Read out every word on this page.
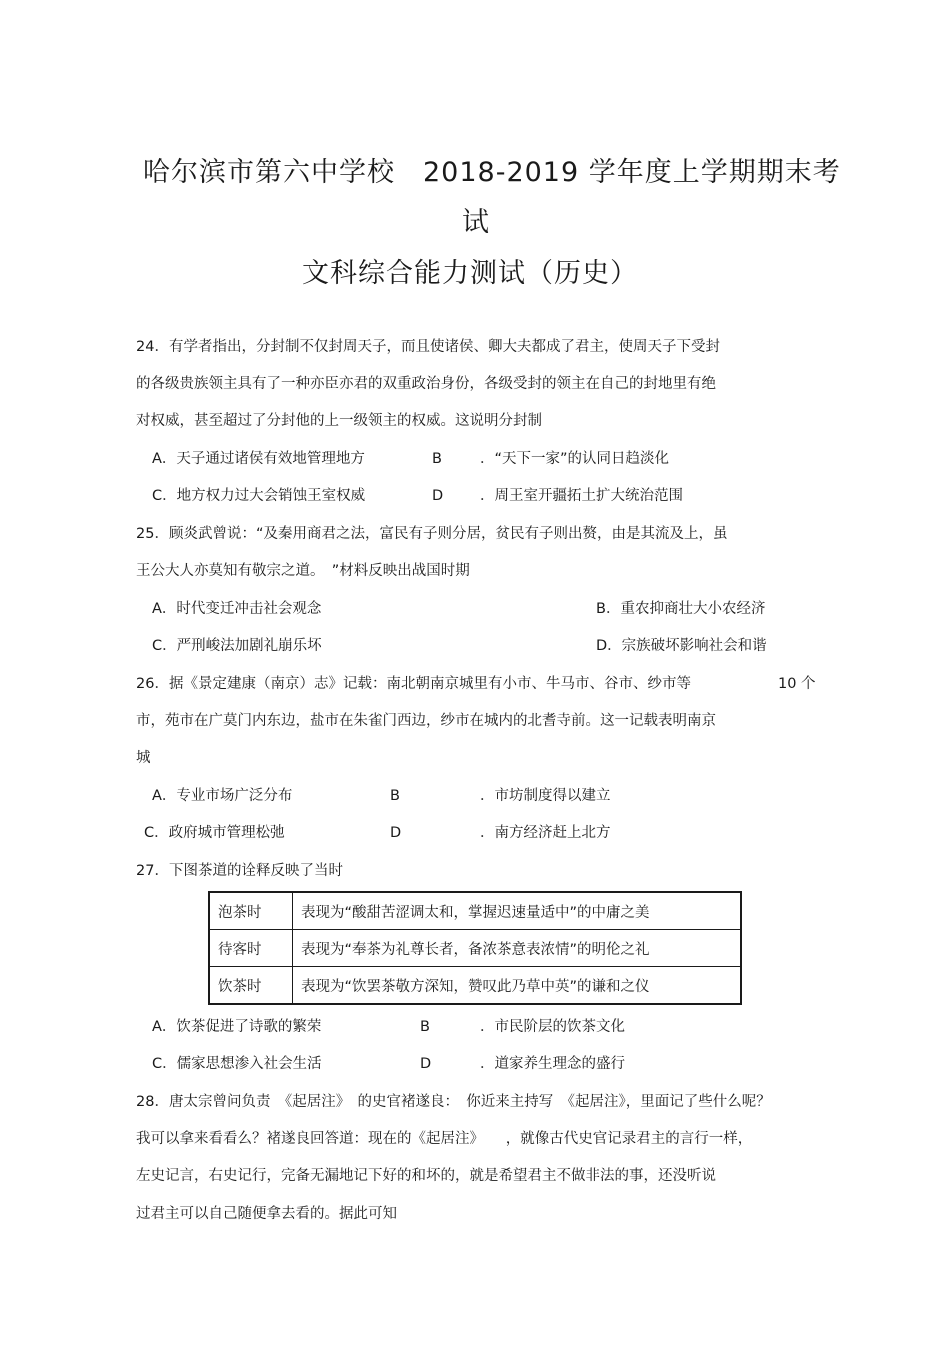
哈尔滨市第六中学校　2018-2019 学年度上学期期末考
试
文科综合能力测试（历史）
24．有学者指出，分封制不仅封周天子，而且使诸侯、卿大夫都成了君主，使周天子下受封
的各级贵族领主具有了一种亦臣亦君的双重政治身份，各级受封的领主在自己的封地里有绝
对权威，甚至超过了分封他的上一级领主的权威。这说明分封制
A．天子通过诸侯有效地管理地方	B	．“天下一家”的认同日趋淡化
C．地方权力过大会销蚀王室权威	D	．周王室开疆拓土扩大统治范围
25．顾炎武曾说：“及秦用商君之法，富民有子则分居，贫民有子则出赘，由是其流及上，虽
王公大人亦莫知有敬宗之道。　”材料反映出战国时期
A．时代变迁冲击社会观念	B．重农抑商壮大小农经济
C．严刑峻法加剧礼崩乐坏	D．宗族破坏影响社会和谐
26．据《景定建康（南京）志》记载：南北朝南京城里有小市、牛马市、谷市、纱市等	10 个
市，苑市在广莫门内东边，盐市在朱雀门西边，纱市在城内的北耆寺前。这一记载表明南京
城
A．专业市场广泛分布	B	．市坊制度得以建立
C．政府城市管理松弛	D	．南方经济赶上北方
27．下图茶道的诠释反映了当时
泡茶时	表现为“酸甜苦涩调太和，掌握迟速量适中”的中庸之美
待客时	表现为“奉茶为礼尊长者，备浓茶意表浓情”的明伦之礼
饮茶时	表现为“饮罢茶敬方深知，赞叹此乃草中英”的谦和之仪
A．饮茶促进了诗歌的繁荣	B	．市民阶层的饮茶文化
C．儒家思想渗入社会生活	D	．道家养生理念的盛行
28．唐太宗曾问负责　《起居注》　的史官褚遂良：　你近来主持写　《起居注》，里面记了些什么呢？
我可以拿来看看么？褚遂良回答道：现在的《起居注》　　，就像古代史官记录君主的言行一样，
左史记言，右史记行，完备无漏地记下好的和坏的，就是希望君主不做非法的事，还没听说
过君主可以自己随便拿去看的。据此可知
